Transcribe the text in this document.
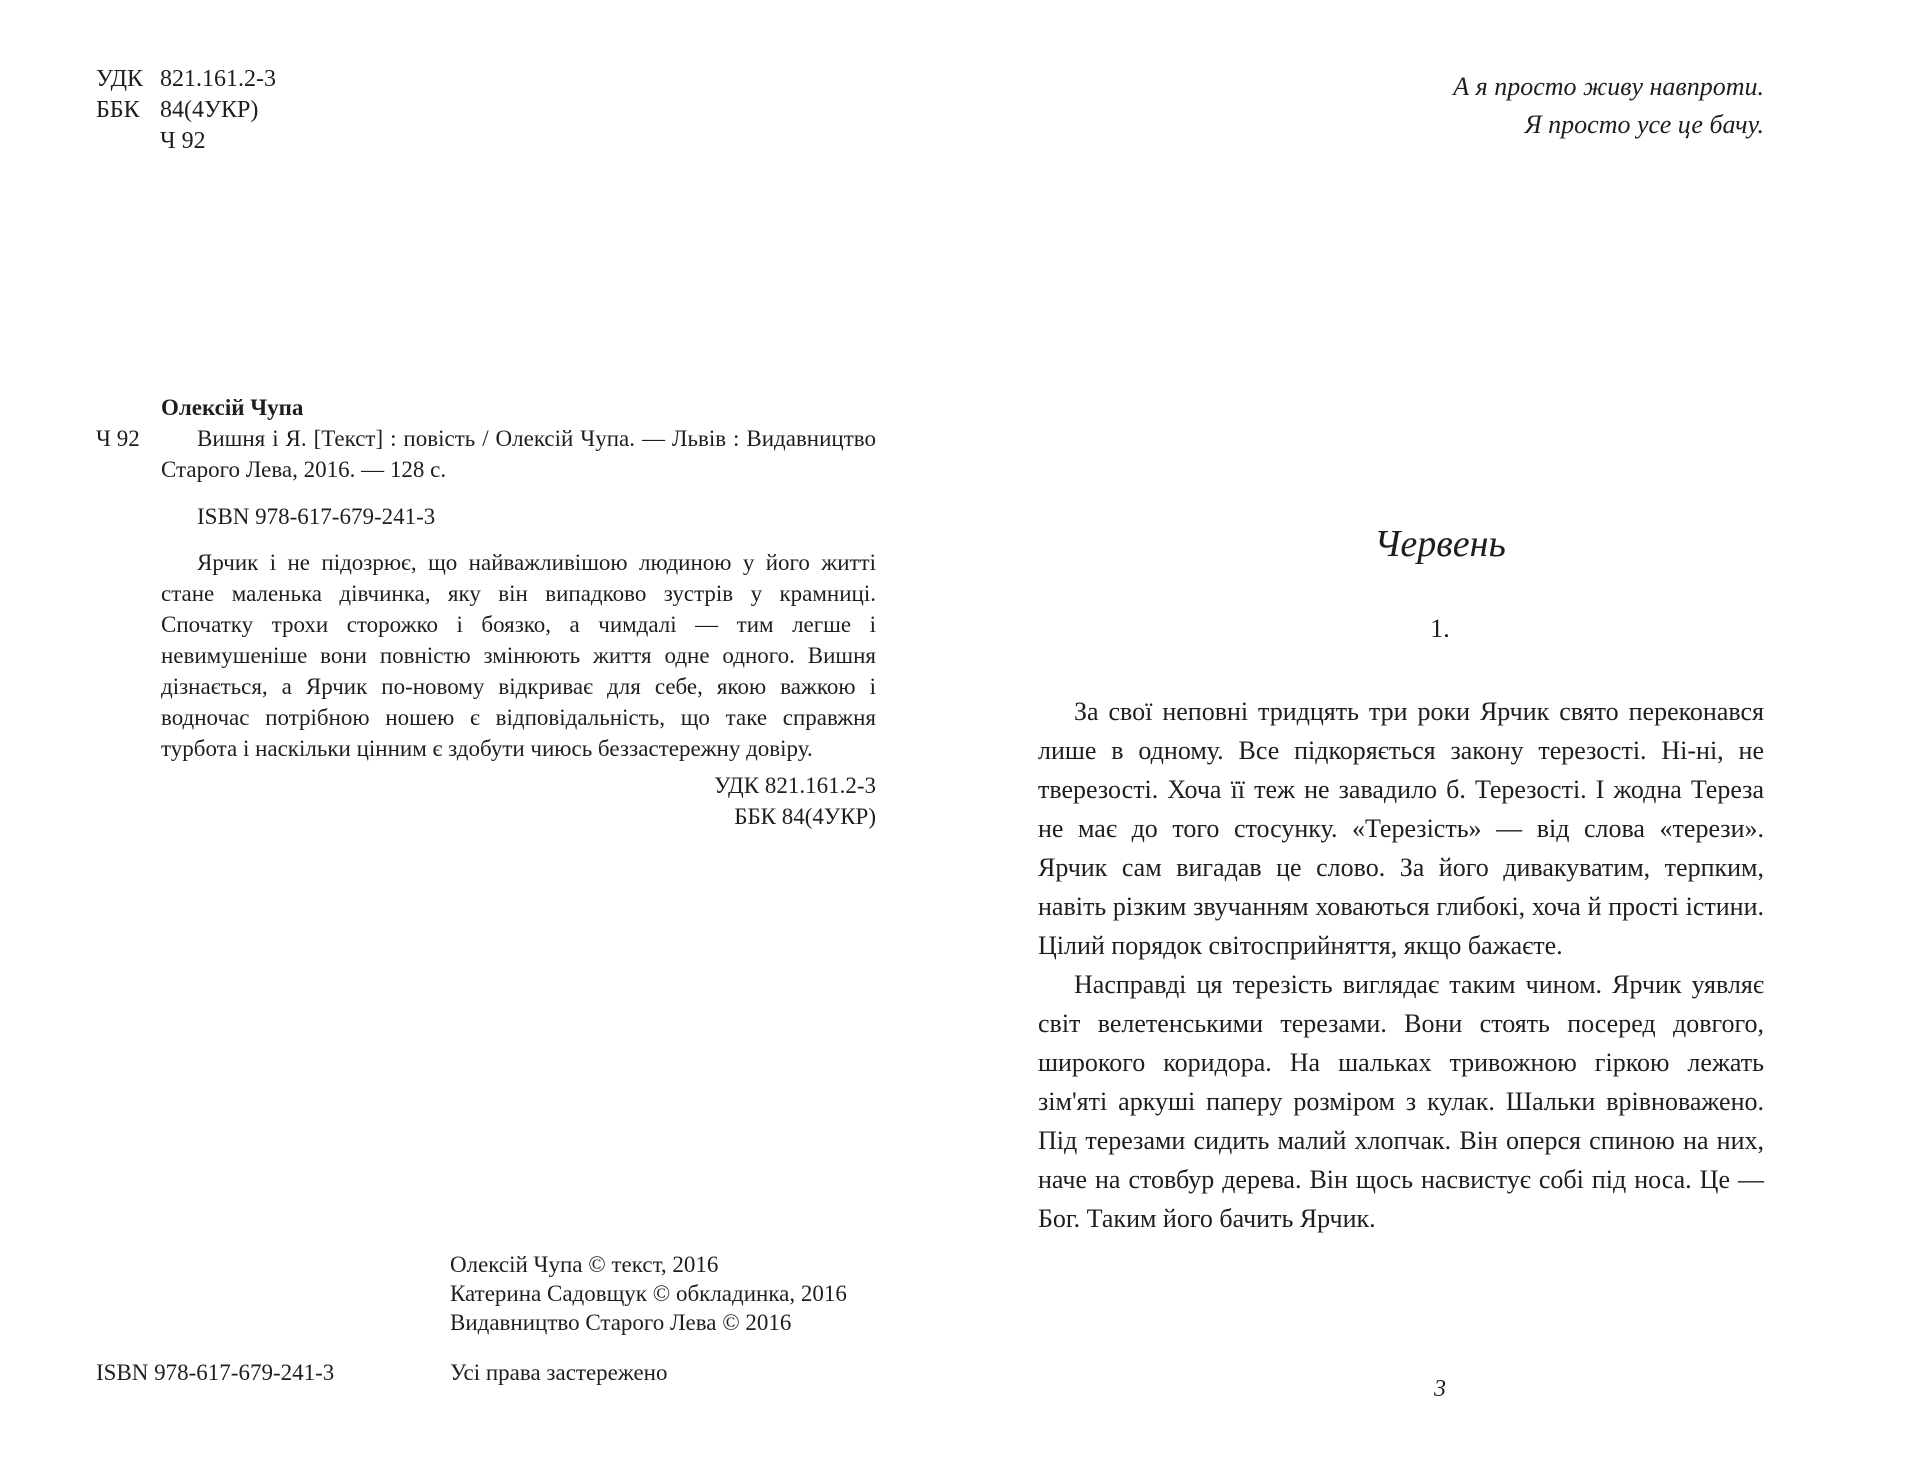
УДК 821.161.2-3
ББК 84(4УКР)
Ч 92
Олексій Чупа
Ч 92	Вишня і Я. [Текст] : повість / Олексій Чупа. — Львів : Видавництво Старого Лева, 2016. — 128 с.
ISBN 978-617-679-241-3
Ярчик і не підозрює, що найважливішою людиною у його житті стане маленька дівчинка, яку він випадково зустрів у крамниці. Спочатку трохи сторожко і боязко, а чимдалі — тим легше і невимушеніше вони повністю змінюють життя одне одного. Вишня дізнається, а Ярчик по-новому відкриває для себе, якою важкою і водночас потрібною ношею є відповідальність, що таке справжня турбота і наскільки цінним є здобути чиюсь беззастережну довіру.
УДК 821.161.2-3
ББК 84(4УКР)
Олексій Чупа © текст, 2016
Катерина Садовщук © обкладинка, 2016
Видавництво Старого Лева © 2016
ISBN 978-617-679-241-3	Усі права застережено
А я просто живу навпроти.
Я просто усе це бачу.
Червень
1.

За свої неповні тридцять три роки Ярчик свято переконався лише в одному. Все підкоряється закону терезості. Ні-ні, не тверезості. Хоча її теж не завадило б. Терезості. І жодна Тереза не має до того стосунку. «Терезість» — від слова «терези». Ярчик сам вигадав це слово. За його дивакуватим, терпким, навіть різким звучанням ховаються глибокі, хоча й прості істини. Цілий порядок світосприйняття, якщо бажаєте.

Насправді ця терезість виглядає таким чином. Ярчик уявляє світ велетенськими терезами. Вони стоять посеред довгого, широкого коридора. На шальках тривожною гіркою лежать зім'яті аркуші паперу розміром з кулак. Шальки врівноважено. Під терезами сидить малий хлопчак. Він оперся спиною на них, наче на стовбур дерева. Він щось насвистує собі під носа. Це — Бог. Таким його бачить Ярчик.

3
